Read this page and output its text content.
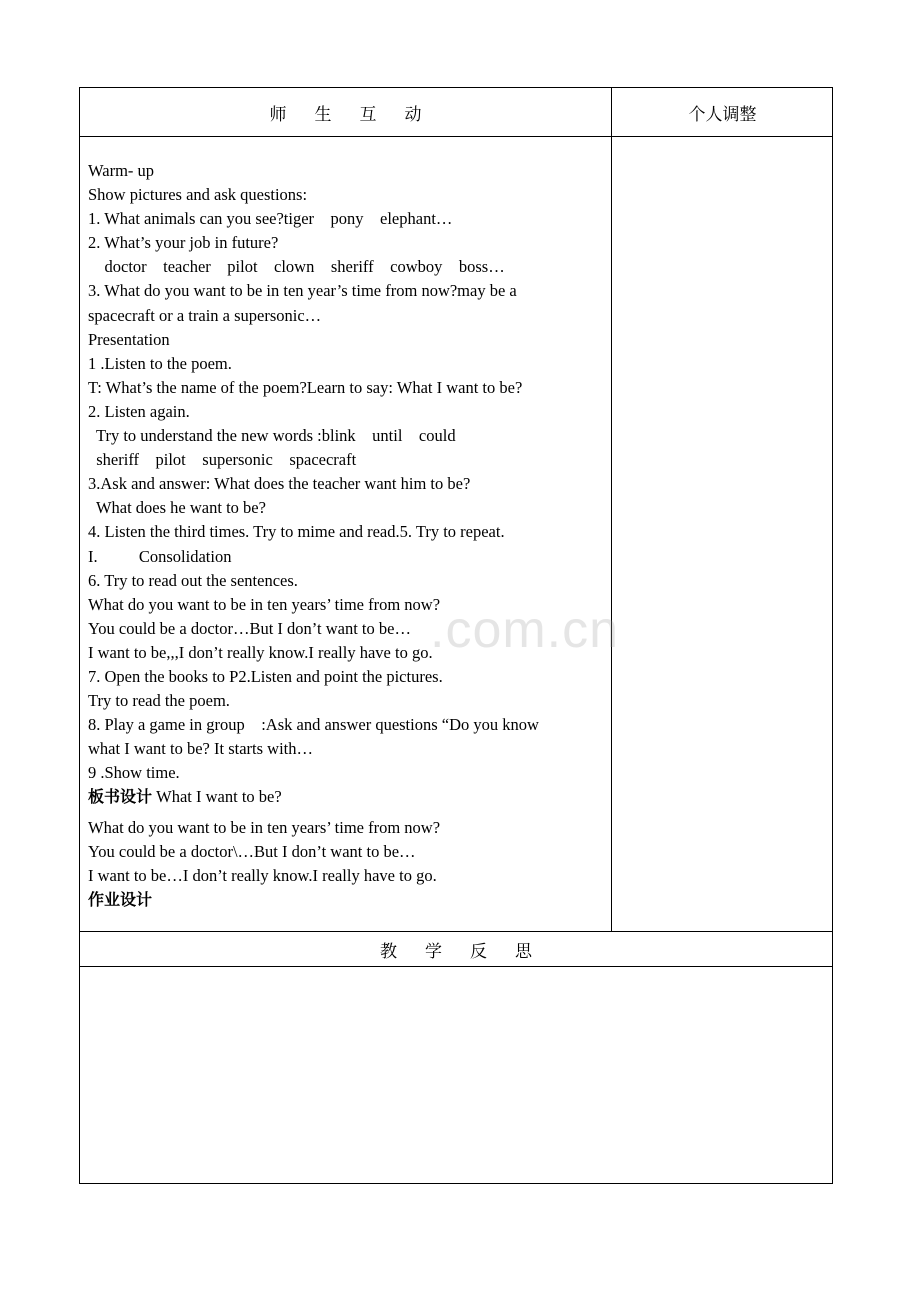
师生互动	个人调整
Warm- up
Show pictures and ask questions:
1. What animals can you see?tiger    pony    elephant…
2. What’s your job in future?
doctor    teacher    pilot    clown    sheriff    cowboy    boss…
3. What do you want to be in ten year’s time from now?may be a
spacecraft or a train a supersonic…
Presentation
1 .Listen to the poem.
T: What’s the name of the poem?Learn to say: What I want to be?
2. Listen again.
Try to understand the new words :blink    until    could
sheriff    pilot    supersonic    spacecraft
3.Ask and answer: What does the teacher want him to be?
What does he want to be?
4. Listen the third times. Try to mime and read.5. Try to repeat.
I.          Consolidation
6. Try to read out the sentences.
What do you want to be in ten years’ time from now?
You could be a doctor…But I don’t want to be…
I want to be,,,I don’t really know.I really have to go.
7. Open the books to P2.Listen and point the pictures.
Try to read the poem.
8. Play a game in group    :Ask and answer questions “Do you know
what I want to be? It starts with…
9 .Show time.
板书设计 What I want to be?
What do you want to be in ten years’ time from now?
You could be a doctor\…But I don’t want to be…
I want to be…I don’t really know.I really have to go.
作业设计
教学反思
.com.cn
